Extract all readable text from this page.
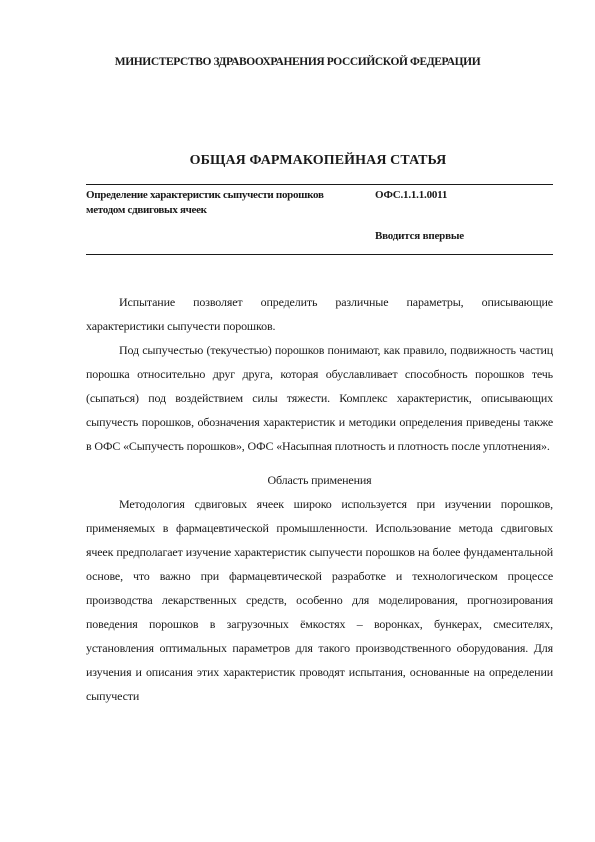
МИНИСТЕРСТВО ЗДРАВООХРАНЕНИЯ РОССИЙСКОЙ ФЕДЕРАЦИИ
ОБЩАЯ ФАРМАКОПЕЙНАЯ СТАТЬЯ
Определение характеристик сыпучести порошков методом сдвиговых ячеек
ОФС.1.1.1.0011
Вводится впервые

Испытание позволяет определить различные параметры, описывающие характеристики сыпучести порошков.

Под сыпучестью (текучестью) порошков понимают, как правило, подвижность частиц порошка относительно друг друга, которая обуславливает способность порошков течь (сыпаться) под воздействием силы тяжести. Комплекс характеристик, описывающих сыпучесть порошков, обозначения характеристик и методики определения приведены также в ОФС «Сыпучесть порошков», ОФС «Насыпная плотность и плотность после уплотнения».

Область применения

Методология сдвиговых ячеек широко используется при изучении порошков, применяемых в фармацевтической промышленности. Использование метода сдвиговых ячеек предполагает изучение характеристик сыпучести порошков на более фундаментальной основе, что важно при фармацевтической разработке и технологическом процессе производства лекарственных средств, особенно для моделирования, прогнозирования поведения порошков в загрузочных ёмкостях – воронках, бункерах, смесителях, установления оптимальных параметров для такого производственного оборудования. Для изучения и описания этих характеристик проводят испытания, основанные на определении сыпучести
